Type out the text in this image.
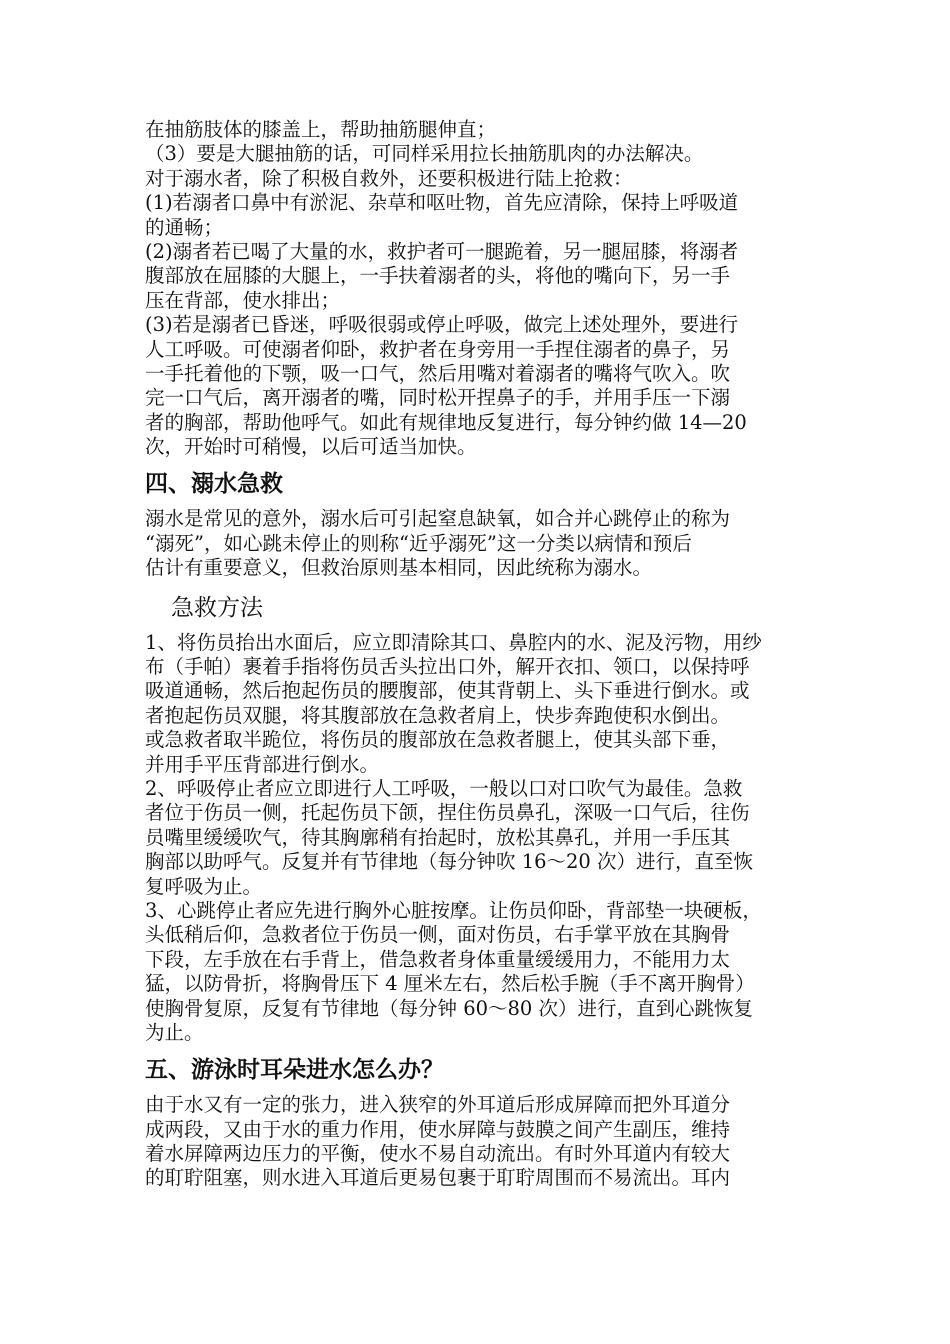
在抽筋肢体的膝盖上，帮助抽筋腿伸直；
（3）要是大腿抽筋的话，可同样采用拉长抽筋肌肉的办法解决。
对于溺水者，除了积极自救外，还要积极进行陆上抢救：
(1)若溺者口鼻中有淤泥、杂草和呕吐物，首先应清除，保持上呼吸道
的通畅；
(2)溺者若已喝了大量的水，救护者可一腿跪着，另一腿屈膝，将溺者
腹部放在屈膝的大腿上，一手扶着溺者的头，将他的嘴向下，另一手
压在背部，使水排出；
(3)若是溺者已昏迷，呼吸很弱或停止呼吸，做完上述处理外，要进行
人工呼吸。可使溺者仰卧，救护者在身旁用一手捏住溺者的鼻子，另
一手托着他的下颚，吸一口气，然后用嘴对着溺者的嘴将气吹入。吹
完一口气后，离开溺者的嘴，同时松开捏鼻子的手，并用手压一下溺
者的胸部，帮助他呼气。如此有规律地反复进行，每分钟约做 14—20
次，开始时可稍慢，以后可适当加快。
四、溺水急救
溺水是常见的意外，溺水后可引起窒息缺氧，如合并心跳停止的称为
“溺死”，如心跳未停止的则称“近乎溺死”这一分类以病情和预后
估计有重要意义，但救治原则基本相同，因此统称为溺水。
急救方法
1、将伤员抬出水面后，应立即清除其口、鼻腔内的水、泥及污物，用纱
布（手帕）裹着手指将伤员舌头拉出口外，解开衣扣、领口，以保持呼
吸道通畅，然后抱起伤员的腰腹部，使其背朝上、头下垂进行倒水。或
者抱起伤员双腿，将其腹部放在急救者肩上，快步奔跑使积水倒出。
或急救者取半跪位，将伤员的腹部放在急救者腿上，使其头部下垂，
并用手平压背部进行倒水。
2、呼吸停止者应立即进行人工呼吸，一般以口对口吹气为最佳。急救
者位于伤员一侧，托起伤员下颌，捏住伤员鼻孔，深吸一口气后，往伤
员嘴里缓缓吹气，待其胸廓稍有抬起时，放松其鼻孔，并用一手压其
胸部以助呼气。反复并有节律地（每分钟吹 16～20 次）进行，直至恢
复呼吸为止。
3、心跳停止者应先进行胸外心脏按摩。让伤员仰卧，背部垫一块硬板，
头低稍后仰，急救者位于伤员一侧，面对伤员，右手掌平放在其胸骨
下段，左手放在右手背上，借急救者身体重量缓缓用力，不能用力太
猛，以防骨折，将胸骨压下 4 厘米左右，然后松手腕（手不离开胸骨）
使胸骨复原，反复有节律地（每分钟 60～80 次）进行，直到心跳恢复
为止。
五、游泳时耳朵进水怎么办？
由于水又有一定的张力，进入狭窄的外耳道后形成屏障而把外耳道分
成两段，又由于水的重力作用，使水屏障与鼓膜之间产生副压，维持
着水屏障两边压力的平衡，使水不易自动流出。有时外耳道内有较大
的耵聍阻塞，则水进入耳道后更易包裹于耵聍周围而不易流出。耳内
